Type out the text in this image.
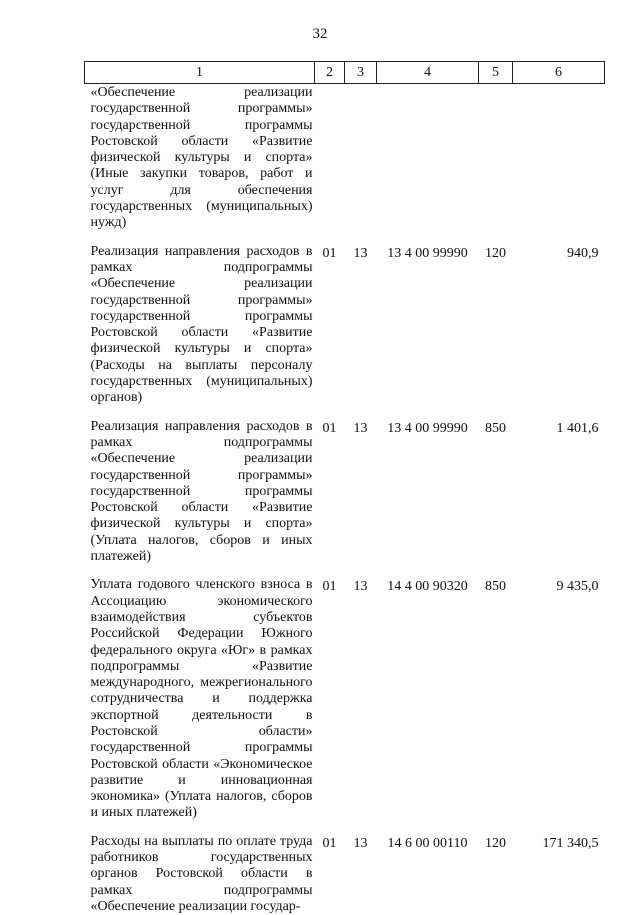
32
1	2	3	4	5	6
«Обеспечение реализации государственной программы» государственной программы Ростовской области «Развитие физической культуры и спорта» (Иные закупки товаров, работ и услуг для обеспечения государственных (муниципальных) нужд)					
Реализация направления расходов в рамках подпрограммы «Обеспечение реализации государственной программы» государственной программы Ростовской области «Развитие физической культуры и спорта» (Расходы на выплаты персоналу государственных (муниципальных) органов)	01	13	13 4 00 99990	120	940,9
Реализация направления расходов в рамках подпрограммы «Обеспечение реализации государственной программы» государственной программы Ростовской области «Развитие физической культуры и спорта» (Уплата налогов, сборов и иных платежей)	01	13	13 4 00 99990	850	1 401,6
Уплата годового членского взноса в Ассоциацию экономического взаимодействия субъектов Российской Федерации Южного федерального округа «Юг» в рамках подпрограммы «Развитие международного, межрегионального сотрудничества и поддержка экспортной деятельности в Ростовской области» государственной программы Ростовской области «Экономическое развитие и инновационная экономика» (Уплата налогов, сборов и иных платежей)	01	13	14 4 00 90320	850	9 435,0
Расходы на выплаты по оплате труда работников государственных органов Ростовской области в рамках подпрограммы «Обеспечение реализации государ-	01	13	14 6 00 00110	120	171 340,5
